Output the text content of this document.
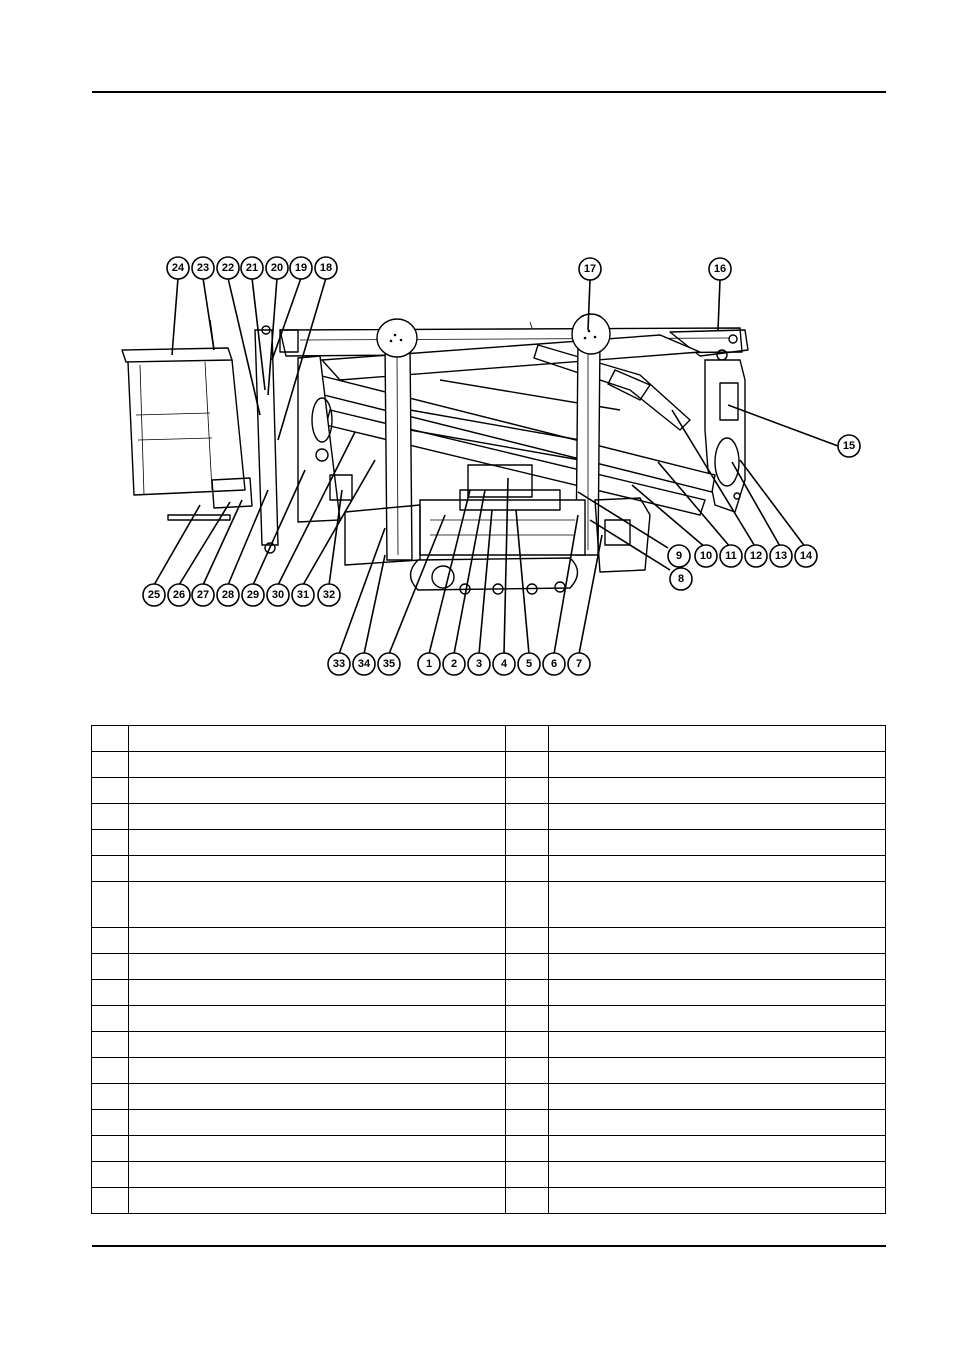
24 23 22 21 20 19 18	17	16
15
14
13
12
11
10
9
8
25 26 27 28 29 30 31 32
33 34 35	1 2 3 4 5 6 7
